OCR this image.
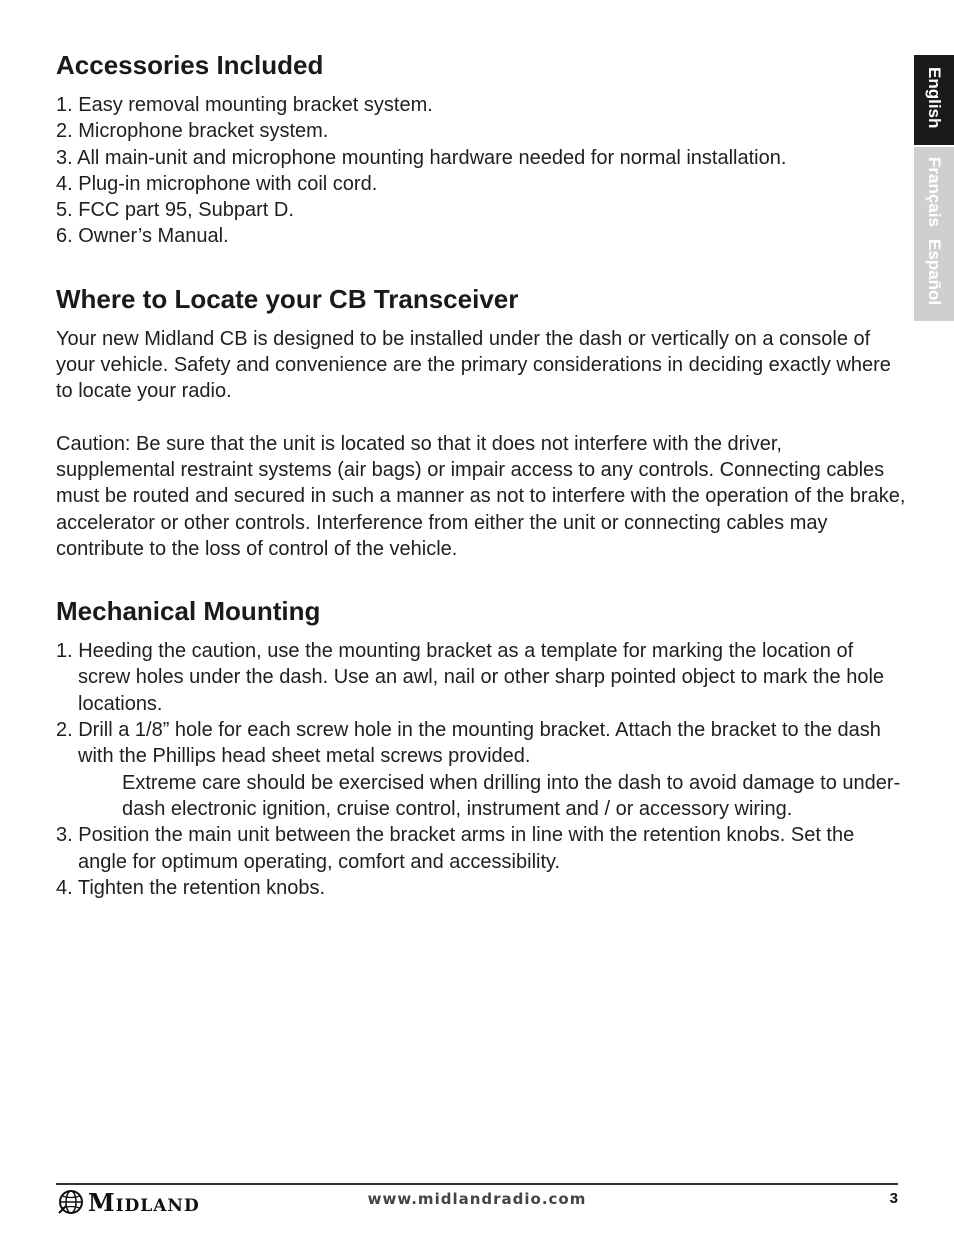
Accessories Included
1. Easy removal mounting bracket system.
2. Microphone bracket system.
3. All main-unit and microphone mounting hardware needed for normal installation.
4. Plug-in microphone with coil cord.
5. FCC part 95, Subpart D.
6. Owner’s Manual.
Where to Locate your CB Transceiver

Your new Midland CB is designed to be installed under the dash or vertically on a console of your vehicle. Safety and convenience are the primary considerations in deciding exactly where to locate your radio.

Caution: Be sure that the unit is located so that it does not interfere with the driver, supplemental restraint systems (air bags) or impair access to any controls. Connecting cables must be routed and secured in such a manner as not to interfere with the operation of the brake, accelerator or other controls. Interference from either the unit or connecting cables may contribute to the loss of control of the vehicle.

Mechanical Mounting
1. Heeding the caution, use the mounting bracket as a template for marking the location of screw holes under the dash. Use an awl, nail or other sharp pointed object to mark the hole locations.
2. Drill a 1/8” hole for each screw hole in the mounting bracket. Attach the bracket to the dash with the Phillips head sheet metal screws provided.
Extreme care should be exercised when drilling into the dash to avoid damage to under-dash electronic ignition, cruise control, instrument and / or accessory wiring.
3. Position the main unit between the bracket arms in line with the retention knobs. Set the angle for optimum operating, comfort and accessibility.
4. Tighten the retention knobs.
English
Français
Español
MIDLAND	www.midlandradio.com	3
